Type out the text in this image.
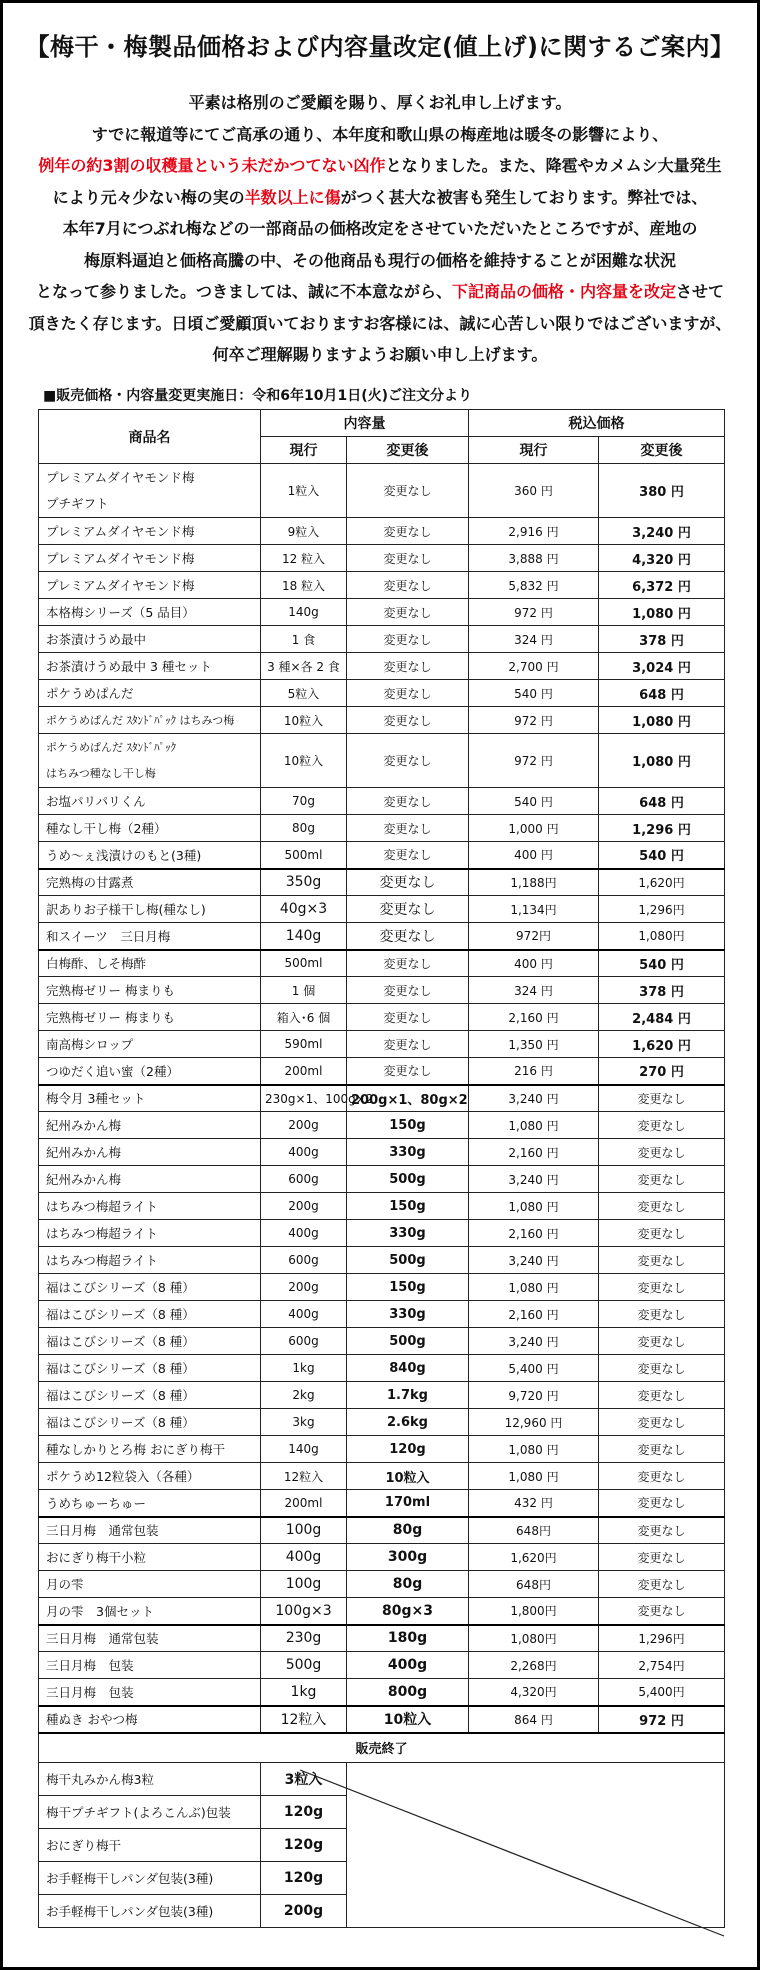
【梅干・梅製品価格および内容量改定(値上げ)に関するご案内】
平素は格別のご愛顧を賜り、厚くお礼申し上げます。
すでに報道等にてご高承の通り、本年度和歌山県の梅産地は暖冬の影響により、
例年の約3割の収穫量という未だかつてない凶作となりました。また、降雹やカメムシ大量発生
により元々少ない梅の実の半数以上に傷がつく甚大な被害も発生しております。弊社では、
本年7月につぶれ梅などの一部商品の価格改定をさせていただいたところですが、産地の
梅原料逼迫と価格高騰の中、その他商品も現行の価格を維持することが困難な状況
となって参りました。つきましては、誠に不本意ながら、下記商品の価格・内容量を改定させて
頂きたく存じます。日頃ご愛顧頂いておりますお客様には、誠に心苦しい限りではございますが、
何卒ご理解賜りますようお願い申し上げます。
■販売価格・内容量変更実施日：令和6年10月1日(火)ご注文分より
商品名	内容量		税込価格	
	現行	変更後	現行	変更後

プレミアムダイヤモンド梅
プチギフト	1粒入	変更なし	360 円	380 円
プレミアムダイヤモンド梅	9粒入	変更なし	2,916 円	3,240 円
プレミアムダイヤモンド梅	12 粒入	変更なし	3,888 円	4,320 円
プレミアムダイヤモンド梅	18 粒入	変更なし	5,832 円	6,372 円
本格梅シリーズ（5 品目）	140g	変更なし	972 円	1,080 円
お茶漬けうめ最中	1 食	変更なし	324 円	378 円
お茶漬けうめ最中 3 種セット	3 種×各 2 食	変更なし	2,700 円	3,024 円
ポケうめぱんだ	5粒入	変更なし	540 円	648 円
ポケうめぱんだ ｽﾀﾝﾄﾞﾊﾟｯｸ はちみつ梅	10粒入	変更なし	972 円	1,080 円

ポケうめぱんだ ｽﾀﾝﾄﾞﾊﾟｯｸ
はちみつ種なし干し梅	10粒入	変更なし	972 円	1,080 円
お塩パリパリくん	70g	変更なし	540 円	648 円
種なし干し梅（2種）	80g	変更なし	1,000 円	1,296 円
うめ～ぇ浅漬けのもと(3種)	500ml	変更なし	400 円	540 円
完熟梅の甘露煮	350g	変更なし	1,188円	1,620円
訳ありお子様干し梅(種なし)	40g×3	変更なし	1,134円	1,296円
和スイーツ　三日月梅	140g	変更なし	972円	1,080円
白梅酢、しそ梅酢	500ml	変更なし	400 円	540 円
完熟梅ゼリー 梅まりも	1 個	変更なし	324 円	378 円
完熟梅ゼリー 梅まりも	箱入･6 個	変更なし	2,160 円	2,484 円
南高梅シロップ	590ml	変更なし	1,350 円	1,620 円
つゆだく追い蜜（2種）	200ml	変更なし	216 円	270 円
梅令月 3種セット	230g×1、100g×2	200g×1、80g×2	3,240 円	変更なし
紀州みかん梅	200g	150g	1,080 円	変更なし
紀州みかん梅	400g	330g	2,160 円	変更なし
紀州みかん梅	600g	500g	3,240 円	変更なし
はちみつ梅超ライト	200g	150g	1,080 円	変更なし
はちみつ梅超ライト	400g	330g	2,160 円	変更なし
はちみつ梅超ライト	600g	500g	3,240 円	変更なし
福はこびシリーズ（8 種）	200g	150g	1,080 円	変更なし
福はこびシリーズ（8 種）	400g	330g	2,160 円	変更なし
福はこびシリーズ（8 種）	600g	500g	3,240 円	変更なし
福はこびシリーズ（8 種）	1kg	840g	5,400 円	変更なし
福はこびシリーズ（8 種）	2kg	1.7kg	9,720 円	変更なし
福はこびシリーズ（8 種）	3kg	2.6kg	12,960 円	変更なし
種なしかりとろ梅 おにぎり梅干	140g	120g	1,080 円	変更なし
ポケうめ12粒袋入（各種）	12粒入	10粒入	1,080 円	変更なし
うめちゅーちゅー	200ml	170ml	432 円	変更なし
三日月梅　通常包装	100g	80g	648円	変更なし
おにぎり梅干小粒	400g	300g	1,620円	変更なし
月の雫	100g	80g	648円	変更なし
月の雫　3個セット	100g×3	80g×3	1,800円	変更なし
三日月梅　通常包装	230g	180g	1,080円	1,296円
三日月梅　包装	500g	400g	2,268円	2,754円
三日月梅　包装	1kg	800g	4,320円	5,400円
種ぬき おやつ梅	12粒入	10粒入	864 円	972 円
販売終了				
梅干丸みかん梅3粒	3粒入			
梅干プチギフト(よろこんぶ)包装	120g			
おにぎり梅干	120g			
お手軽梅干しパンダ包装(3種)	120g			
お手軽梅干しパンダ包装(3種)	200g			
